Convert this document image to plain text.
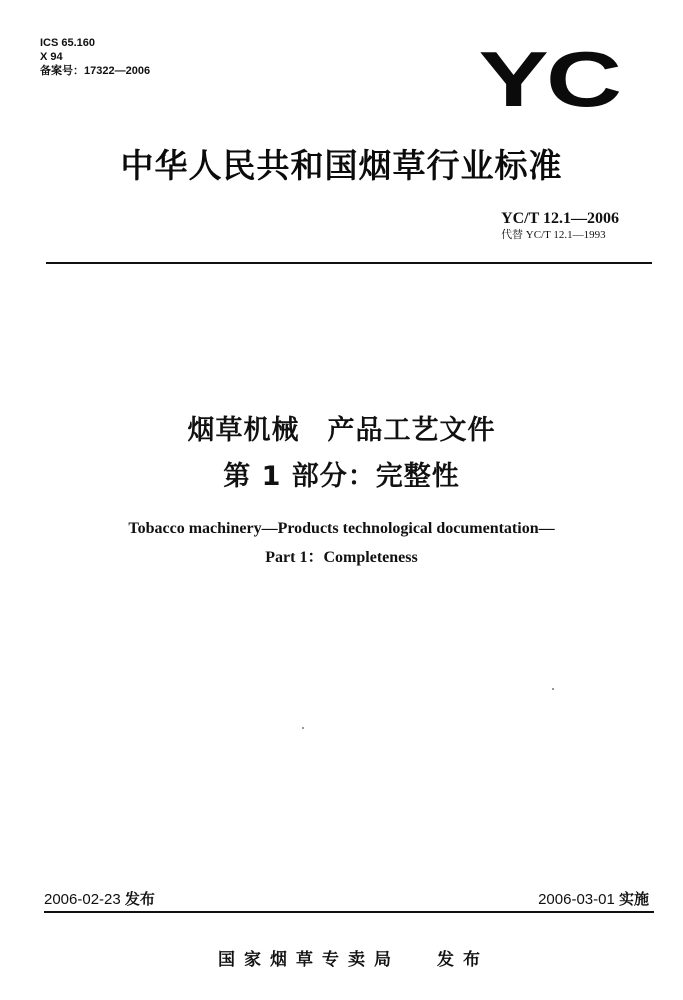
ICS 65.160
X 94
备案号：17322—2006	YC
中华人民共和国烟草行业标准
YC/T 12.1—2006
代替 YC/T 12.1—1993
烟草机械　产品工艺文件
第 1 部分：完整性
Tobacco machinery—Products technological documentation—
Part 1：Completeness
2006-02-23 发布	2006-03-01 实施
国家烟草专卖局 发布
